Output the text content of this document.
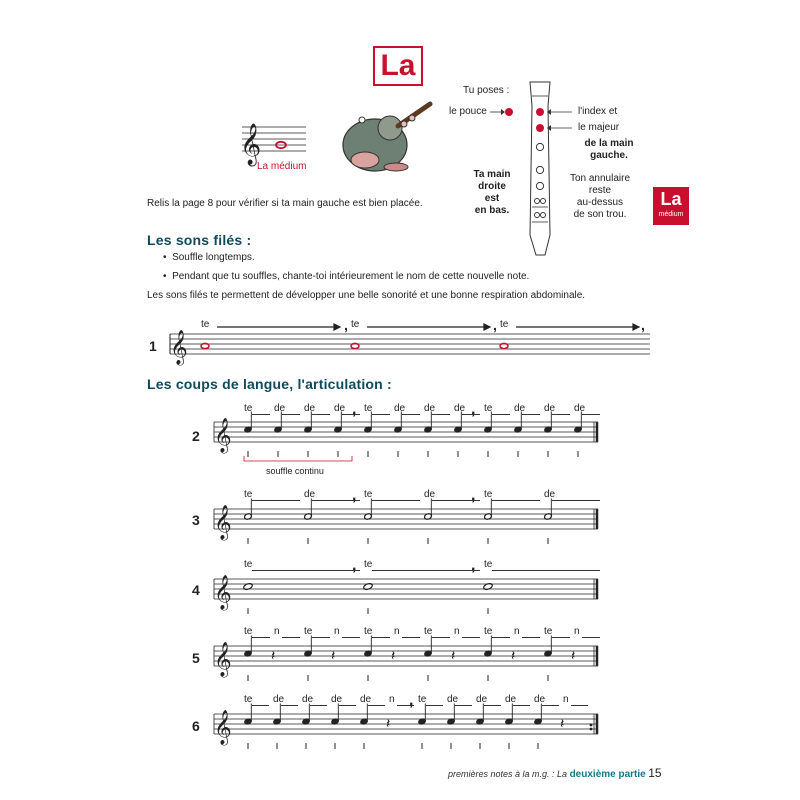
La
𝄞
𝄞
,	,	,
𝄞
𝄞
𝄞
𝄞
𝄞
𝄽	𝄽	𝄽	𝄽	𝄽	𝄽
𝄽	𝄽
La médium
Tu poses :
le pouce	l'index et
le majeur
de la main
gauche.
Ta main
droite
est
en bas.
Ton annulaire
reste
au-dessus
de son trou.
La
médium
Relis la page 8 pour vérifier si ta main gauche est bien placée.
Les sons filés :
•  Souffle longtemps.
•  Pendant que tu souffles, chante-toi intérieurement le nom de cette nouvelle note.
Les sons filés te permettent de développer une belle sonorité et une bonne respiration abdominale.
1
Les coups de langue, l'articulation :
2
3
4
5
6
souffle continu
te	te	te
te de de de te de de de te de de de
,	,
te	de	te	de	te	de
,	,
te	te	te
,	,
te n te n te n te n te n te n
te de de de de n te de de de de n
,
premières notes à la m.g. : La deuxième partie 15
